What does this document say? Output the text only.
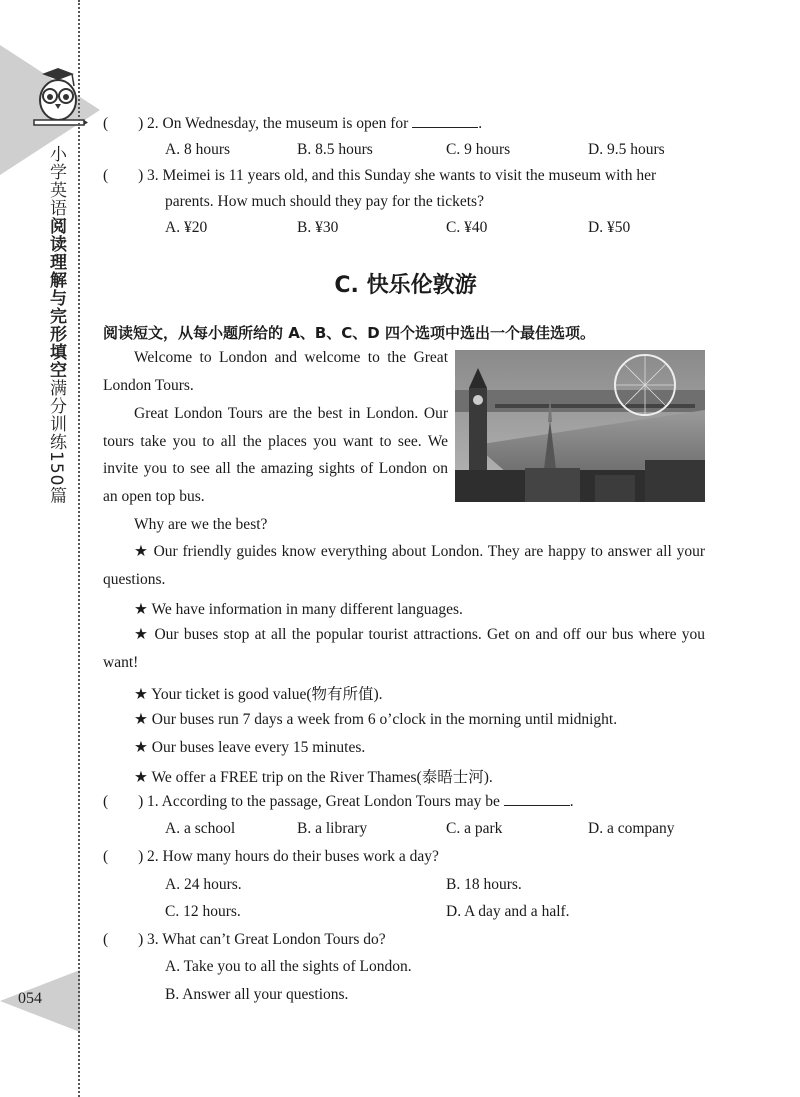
小学英语阅读理解与完形填空满分训练150篇
054
( ) 2. On Wednesday, the museum is open for	.
A. 8 hours	B. 8.5 hours	C. 9 hours	D. 9.5 hours
( ) 3. Meimei is 11 years old, and this Sunday she wants to visit the museum with her
parents. How much should they pay for the tickets?
A. ¥20	B. ¥30	C. ¥40	D. ¥50
C. 快乐伦敦游
阅读短文，从每小题所给的 A、B、C、D 四个选项中选出一个最佳选项。
Welcome to London and welcome to the Great London Tours.
Great London Tours are the best in London. Our tours take you to all the places you want to see. We invite you to see all the amazing sights of London on an open top bus.
Why are we the best?
★ Our friendly guides know everything about London. They are happy to answer all your questions.
★ We have information in many different languages.
★ Our buses stop at all the popular tourist attractions. Get on and off our bus where you want!
★ Your ticket is good value(物有所值).
★ Our buses run 7 days a week from 6 o’clock in the morning until midnight.
★ Our buses leave every 15 minutes.
★ We offer a FREE trip on the River Thames(泰晤士河).
( ) 1. According to the passage, Great London Tours may be	.
A. a school	B. a library	C. a park	D. a company
( ) 2. How many hours do their buses work a day?
A. 24 hours.	B. 18 hours.
C. 12 hours.	D. A day and a half.
( ) 3. What can’t Great London Tours do?
A. Take you to all the sights of London.
B. Answer all your questions.
